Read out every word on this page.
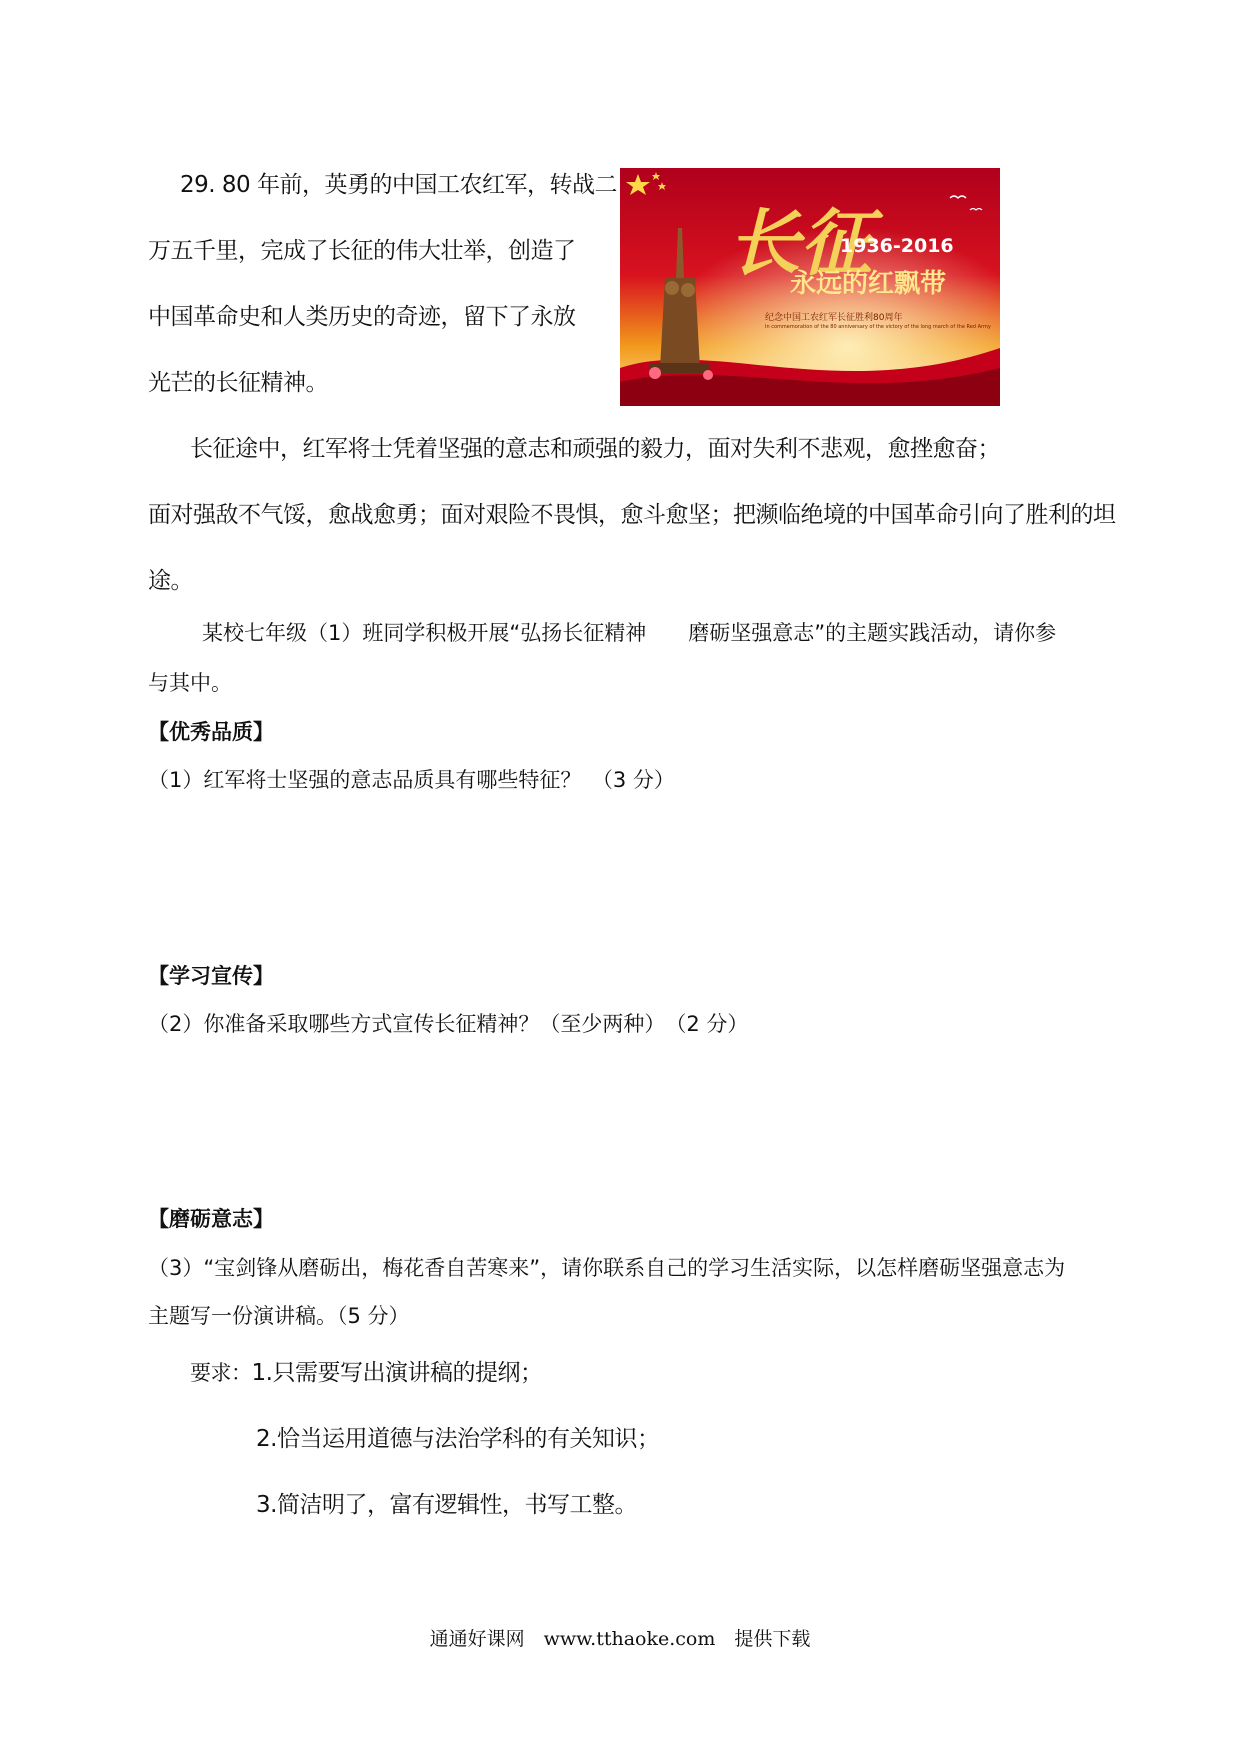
29. 80 年前，英勇的中国工农红军，转战二
万五千里，完成了长征的伟大壮举，创造了
中国革命史和人类历史的奇迹，留下了永放
光芒的长征精神。
长征
1936-2016
永远的红飘带
纪念中国工农红军长征胜利80周年
In commemoration of the 80 anniversary of the victory of the long march of the Red Army
长征途中，红军将士凭着坚强的意志和顽强的毅力，面对失利不悲观，愈挫愈奋；
面对强敌不气馁，愈战愈勇；面对艰险不畏惧，愈斗愈坚；把濒临绝境的中国革命引向了胜利的坦
途。
某校七年级（1）班同学积极开展“弘扬长征精神　　磨砺坚强意志”的主题实践活动，请你参
与其中。
【优秀品质】
（1）红军将士坚强的意志品质具有哪些特征？　（3 分）
【学习宣传】
（2）你准备采取哪些方式宣传长征精神？（至少两种）　（2 分）
【磨砺意志】
（3）“宝剑锋从磨砺出，梅花香自苦寒来”，请你联系自己的学习生活实际，以怎样磨砺坚强意志为
主题写一份演讲稿。（5 分）
要求：1.只需要写出演讲稿的提纲；
2.恰当运用道德与法治学科的有关知识；
3.简洁明了，富有逻辑性，书写工整。
通通好课网　www.tthaoke.com　提供下载
